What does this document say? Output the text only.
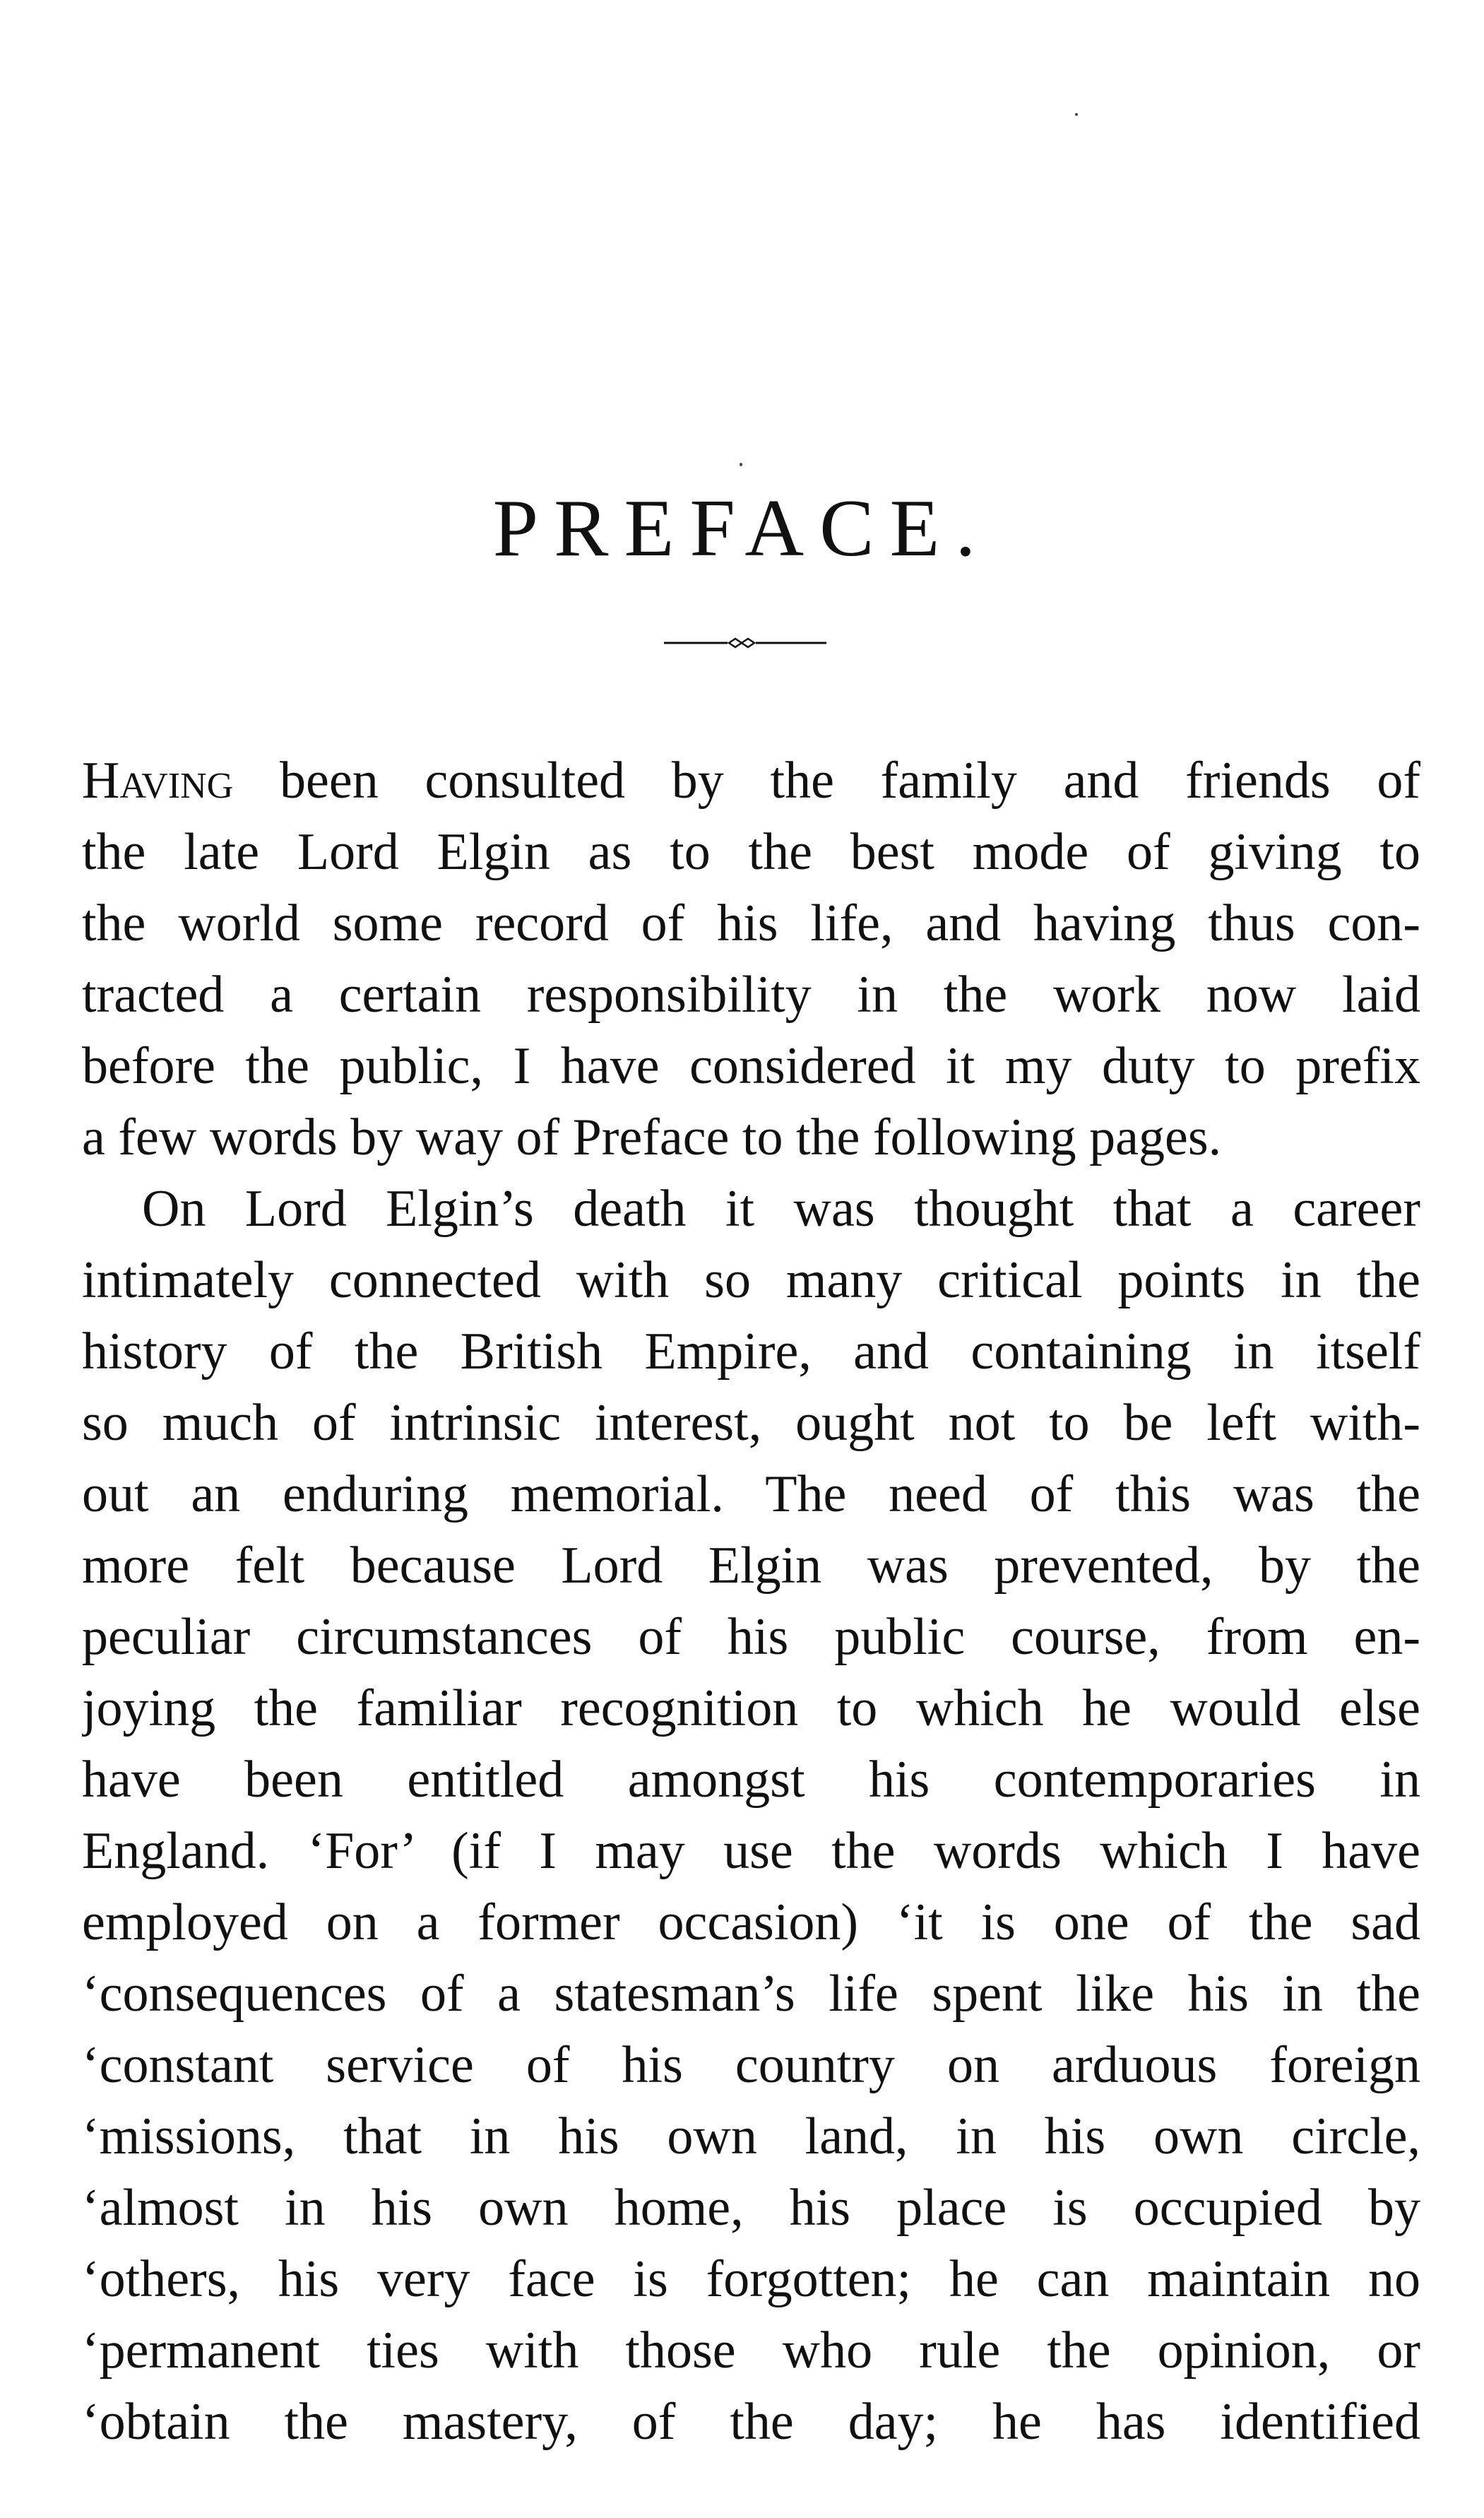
PREFACE.
Having been consulted by the family and friends of
the late Lord Elgin as to the best mode of giving to
the world some record of his life, and having thus con-
tracted a certain responsibility in the work now laid
before the public, I have considered it my duty to prefix
a few words by way of Preface to the following pages.
On Lord Elgin’s death it was thought that a career
intimately connected with so many critical points in the
history of the British Empire, and containing in itself
so much of intrinsic interest, ought not to be left with-
out an enduring memorial. The need of this was the
more felt because Lord Elgin was prevented, by the
peculiar circumstances of his public course, from en-
joying the familiar recognition to which he would else
have been entitled amongst his contemporaries in
England. ‘For’ (if I may use the words which I have
employed on a former occasion) ‘it is one of the sad
‘consequences of a statesman’s life spent like his in the
‘constant service of his country on arduous foreign
‘missions, that in his own land, in his own circle,
‘almost in his own home, his place is occupied by
‘others, his very face is forgotten; he can maintain no
‘permanent ties with those who rule the opinion, or
‘obtain the mastery, of the day; he has identified
